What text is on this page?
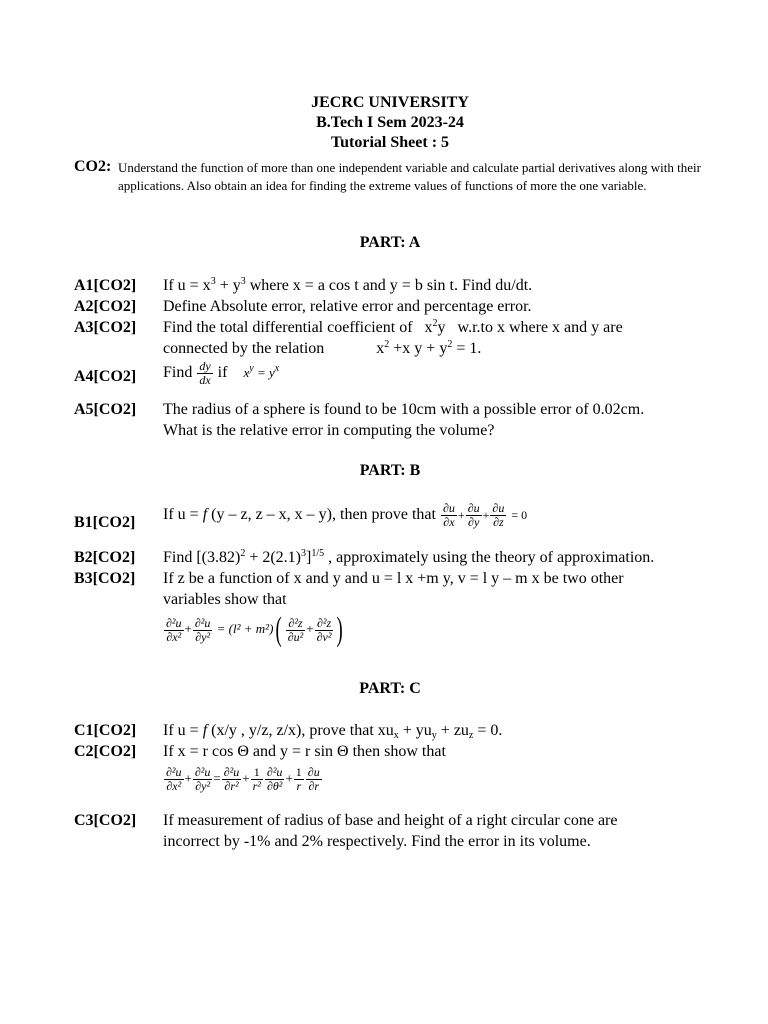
JECRC UNIVERSITY
B.Tech I Sem 2023-24
Tutorial Sheet : 5
CO2: Understand the function of more than one independent variable and calculate partial derivatives along with their applications. Also obtain an idea for finding the extreme values of functions of more the one variable.
PART: A
A1[CO2]	If $u = x^3 + y^3$ where x = a cos t and y = b sin t. Find du/dt.
A2[CO2]	Define Absolute error, relative error and percentage error.
A3[CO2]	Find the total differential coefficient of $x^2y$ w.r.to x where x and y are
connected by the relation	$x^2 +x$ $y + y^2 = 1$.
A4[CO2]	Find $\frac{dy}{dx}$ if $x^y = y^x$
A5[CO2]	The radius of a sphere is found to be 10cm with a possible error of 0.02cm.
What is the relative error in computing the volume?
PART: B
B1[CO2]	If u = f (y – z, z – x, x – y), then prove that $\frac{\partial u}{\partial x} + \frac{\partial u}{\partial y} + \frac{\partial u}{\partial z} = 0$
B2[CO2]	Find $[(3.82)^2 + 2(2.1)^3]^{1/5}$ , approximately using the theory of approximation.
B3[CO2]	If z be a function of x and y and u = l x +m y, v = l y – m x be two other
variables show that
$\frac{\text{∂²u}}{\text{∂x²}} + \frac{\text{∂²u}}{\text{∂y²}} = (l^2 + m^2)( \frac{\text{∂²z}}{\text{∂u²}} + \frac{\text{∂²z}}{\text{∂v²}}$ )
PART: C
C1[CO2]	If u = f (x/y , y/z, z/x), prove that $xu_x + yu_y + zu_z = 0$.
C2[CO2]	If x = r cos Θ and y = r sin Θ then show that
$\frac{\text{∂²u}}{\text{∂x²}} + \frac{\text{∂²u}}{\text{∂y²}} = \frac{\text{∂²u}}{\text{∂r²}} + \frac{1}{\text{r²}} \frac{\text{∂²u}}{\text{∂θ²}} + \frac{1}{r} \frac{\partial u}{\partial r}$
C3[CO2]	If measurement of radius of base and height of a right circular cone are
incorrect by -1% and 2% respectively. Find the error in its volume.
